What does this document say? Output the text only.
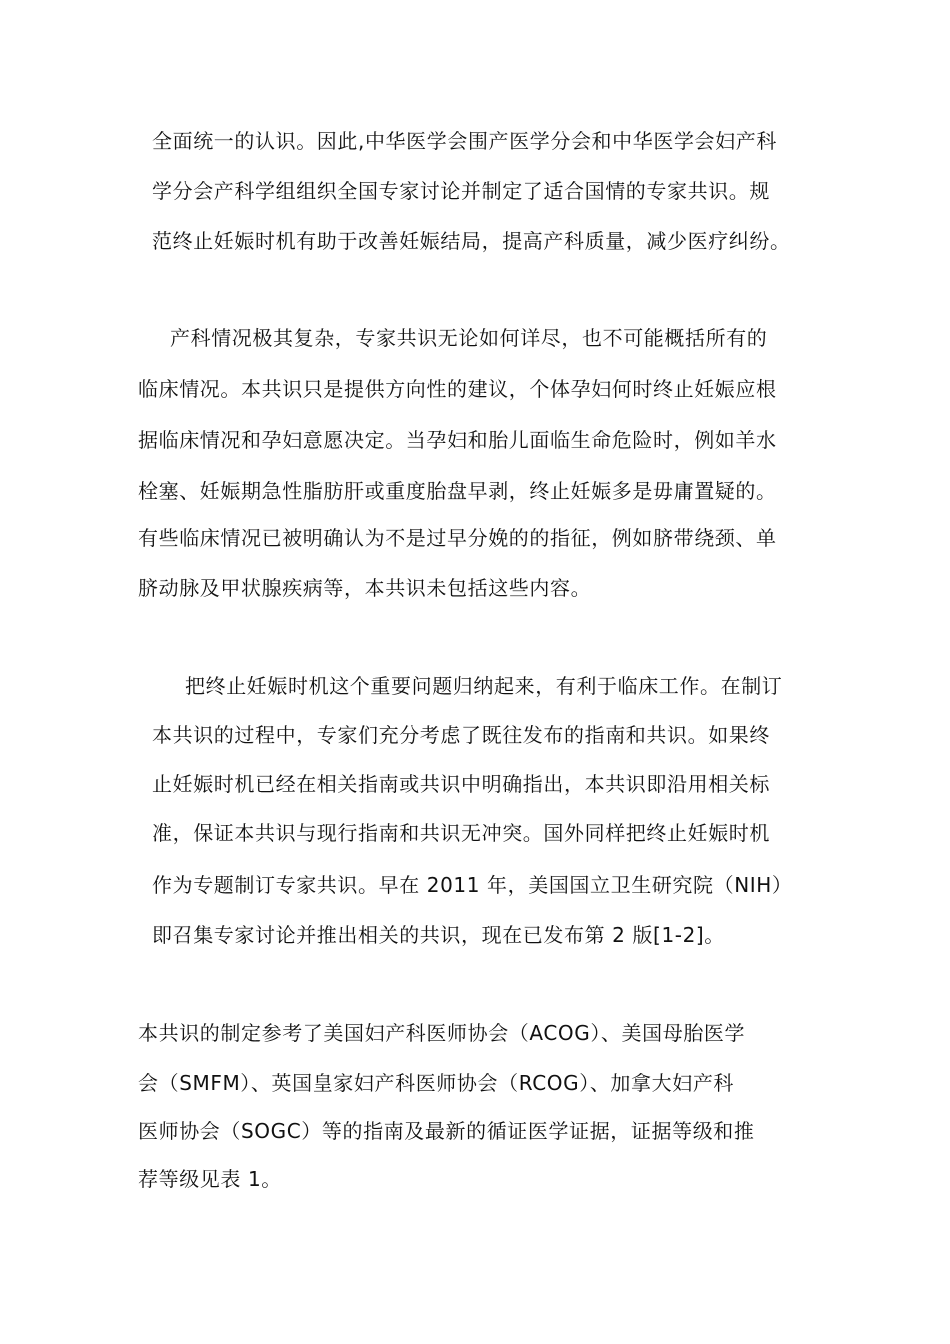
全面统一的认识。因此,中华医学会围产医学分会和中华医学会妇产科
学分会产科学组组织全国专家讨论并制定了适合国情的专家共识。规
范终止妊娠时机有助于改善妊娠结局，提高产科质量，减少医疗纠纷。
产科情况极其复杂，专家共识无论如何详尽，也不可能概括所有的
临床情况。本共识只是提供方向性的建议，个体孕妇何时终止妊娠应根
据临床情况和孕妇意愿决定。当孕妇和胎儿面临生命危险时，例如羊水
栓塞、妊娠期急性脂肪肝或重度胎盘早剥，终止妊娠多是毋庸置疑的。
有些临床情况已被明确认为不是过早分娩的的指征，例如脐带绕颈、单
脐动脉及甲状腺疾病等，本共识未包括这些内容。
把终止妊娠时机这个重要问题归纳起来，有利于临床工作。在制订
本共识的过程中，专家们充分考虑了既往发布的指南和共识。如果终
止妊娠时机已经在相关指南或共识中明确指出，本共识即沿用相关标
准，保证本共识与现行指南和共识无冲突。国外同样把终止妊娠时机
作为专题制订专家共识。早在 2011 年，美国国立卫生研究院（NIH）
即召集专家讨论并推出相关的共识，现在已发布第 2 版[1-2]。
本共识的制定参考了美国妇产科医师协会（ACOG）、美国母胎医学
会（SMFM）、英国皇家妇产科医师协会（RCOG）、加拿大妇产科
医师协会（SOGC）等的指南及最新的循证医学证据，证据等级和推
荐等级见表 1。
